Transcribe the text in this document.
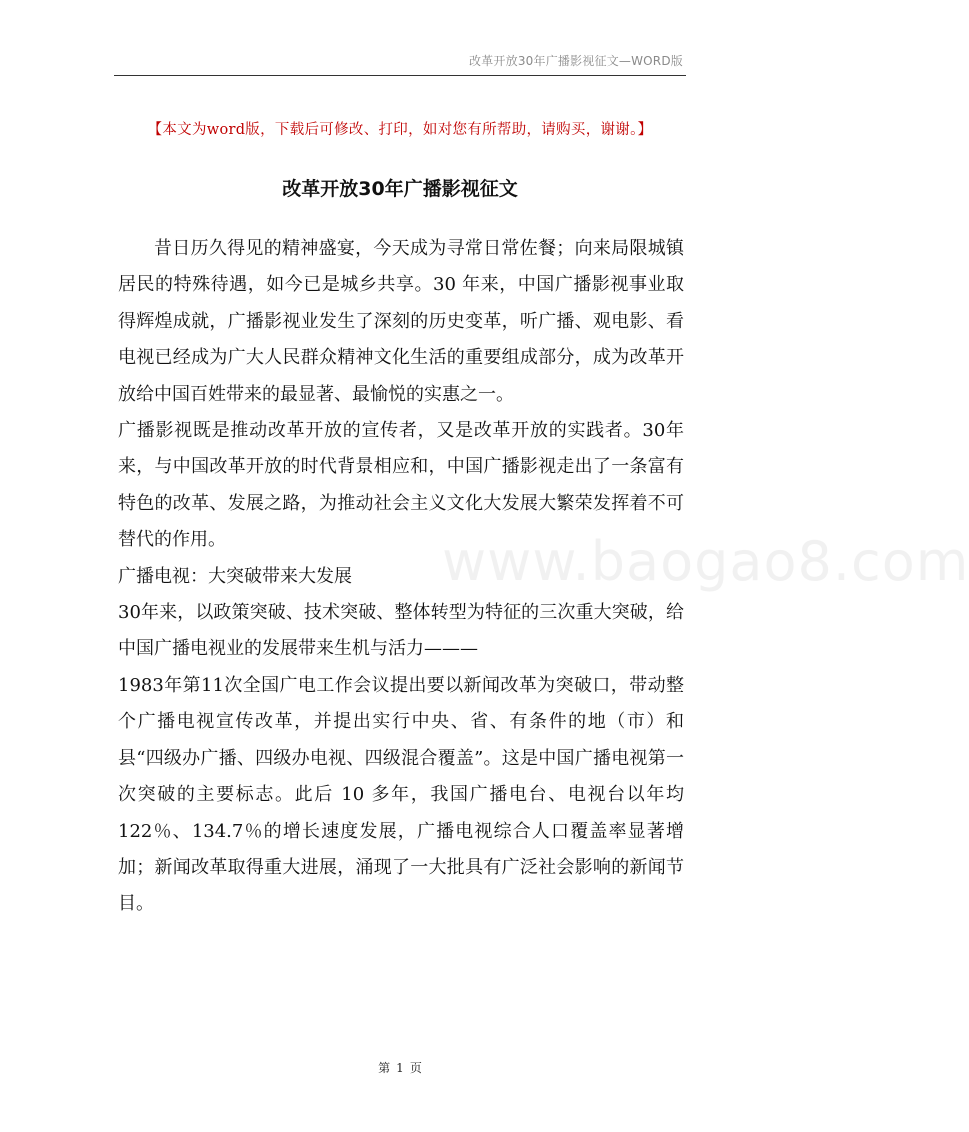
改革开放30年广播影视征文—WORD版
【本文为word版，下载后可修改、打印，如对您有所帮助，请购买，谢谢。】
改革开放30年广播影视征文
www.baogao8.com

昔日历久得见的精神盛宴，今天成为寻常日常佐餐；向来局限城镇居民的特殊待遇，如今已是城乡共享。30 年来，中国广播影视事业取得辉煌成就，广播影视业发生了深刻的历史变革，听广播、观电影、看电视已经成为广大人民群众精神文化生活的重要组成部分，成为改革开放给中国百姓带来的最显著、最愉悦的实惠之一。

广播影视既是推动改革开放的宣传者，又是改革开放的实践者。30年来，与中国改革开放的时代背景相应和，中国广播影视走出了一条富有特色的改革、发展之路，为推动社会主义文化大发展大繁荣发挥着不可替代的作用。

广播电视：大突破带来大发展

30年来，以政策突破、技术突破、整体转型为特征的三次重大突破，给中国广播电视业的发展带来生机与活力———

1983年第11次全国广电工作会议提出要以新闻改革为突破口，带动整个广播电视宣传改革，并提出实行中央、省、有条件的地（市）和县“四级办广播、四级办电视、四级混合覆盖”。这是中国广播电视第一次突破的主要标志。此后 10 多年，我国广播电台、电视台以年均 122％、134.7％的增长速度发展，广播电视综合人口覆盖率显著增加；新闻改革取得重大进展，涌现了一大批具有广泛社会影响的新闻节目。

第 1 页
